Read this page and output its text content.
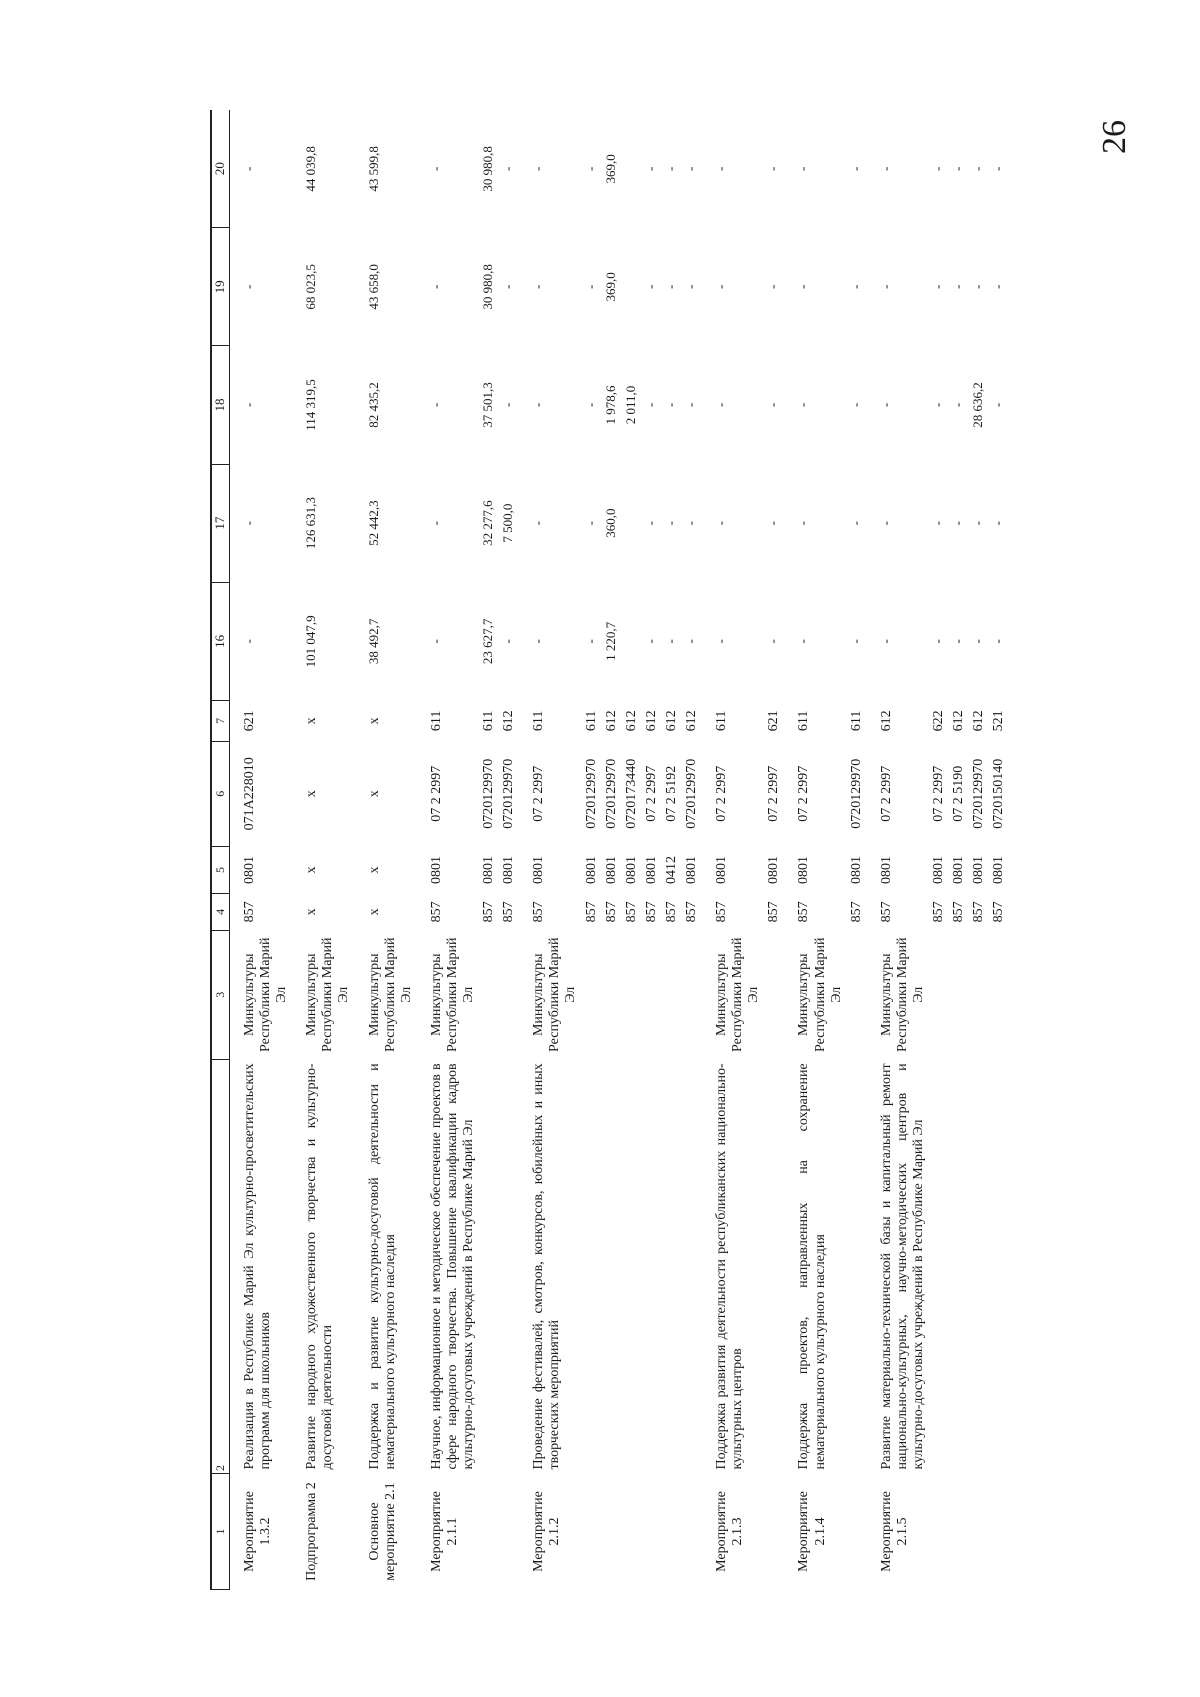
26
1	2	3	4	5	6	7	16	17	18	19	20
Мероприятие 1.3.2	Реализация в Республике Марий Эл культурно-просветительских программ для школьников	Минкультуры Республики Марий Эл	857	0801	071A228010	621	-	-	-	-	-
Подпрограмма 2	Развитие народного художественного творчества и культурно-досуговой деятельности	Минкультуры Республики Марий Эл	х	х	х	х	101 047,9	126 631,3	114 319,5	68 023,5	44 039,8
Основное мероприятие 2.1	Поддержка и развитие культурно-досуговой деятельности и нематериального культурного наследия	Минкультуры Республики Марий Эл	х	х	х	х	38 492,7	52 442,3	82 435,2	43 658,0	43 599,8
Мероприятие 2.1.1	Научное, информационное и методическое обеспечение проектов в сфере народного творчества. Повышение квалификации кадров культурно-досуговых учреждений в Республике Марий Эл	Минкультуры Республики Марий Эл	857	0801	07 2 2997	611	-	-	-	-	-
			857	0801	0720129970	611	23 627,7	32 277,6	37 501,3	30 980,8	30 980,8
			857	0801	0720129970	612	-	7 500,0	-	-	-
Мероприятие 2.1.2	Проведение фестивалей, смотров, конкурсов, юбилейных и иных творческих мероприятий	Минкультуры Республики Марий Эл	857	0801	07 2 2997	611	-	-	-	-	-
			857	0801	0720129970	611	-	-	-	-	-
			857	0801	0720129970	612	1 220,7	360,0	1 978,6	369,0	369,0
			857	0801	0720173440	612			2 011,0		
			857	0801	07 2 2997	612	-	-	-	-	-
			857	0412	07 2 5192	612	-	-	-	-	-
			857	0801	0720129970	612	-	-	-	-	-
Мероприятие 2.1.3	Поддержка развития деятельности республиканских национально-культурных центров	Минкультуры Республики Марий Эл	857	0801	07 2 2997	611	-	-	-	-	-
			857	0801	07 2 2997	621	-	-	-	-	-
Мероприятие 2.1.4	Поддержка проектов, направленных на сохранение нематериального культурного наследия	Минкультуры Республики Марий Эл	857	0801	07 2 2997	611	-	-	-	-	-
			857	0801	0720129970	611	-	-	-	-	-
Мероприятие 2.1.5	Развитие материально-технической базы и капитальный ремонт национально-культурных, научно-методических центров и культурно-досуговых учреждений в Республике Марий Эл	Минкультуры Республики Марий Эл	857	0801	07 2 2997	612	-	-	-	-	-
			857	0801	07 2 2997	622	-	-	-	-	-
			857	0801	07 2 5190	612	-	-	-	-	-
			857	0801	0720129970	612	-	-	28 636,2	-	-
			857	0801	0720150140	521	-	-	-	-	-
